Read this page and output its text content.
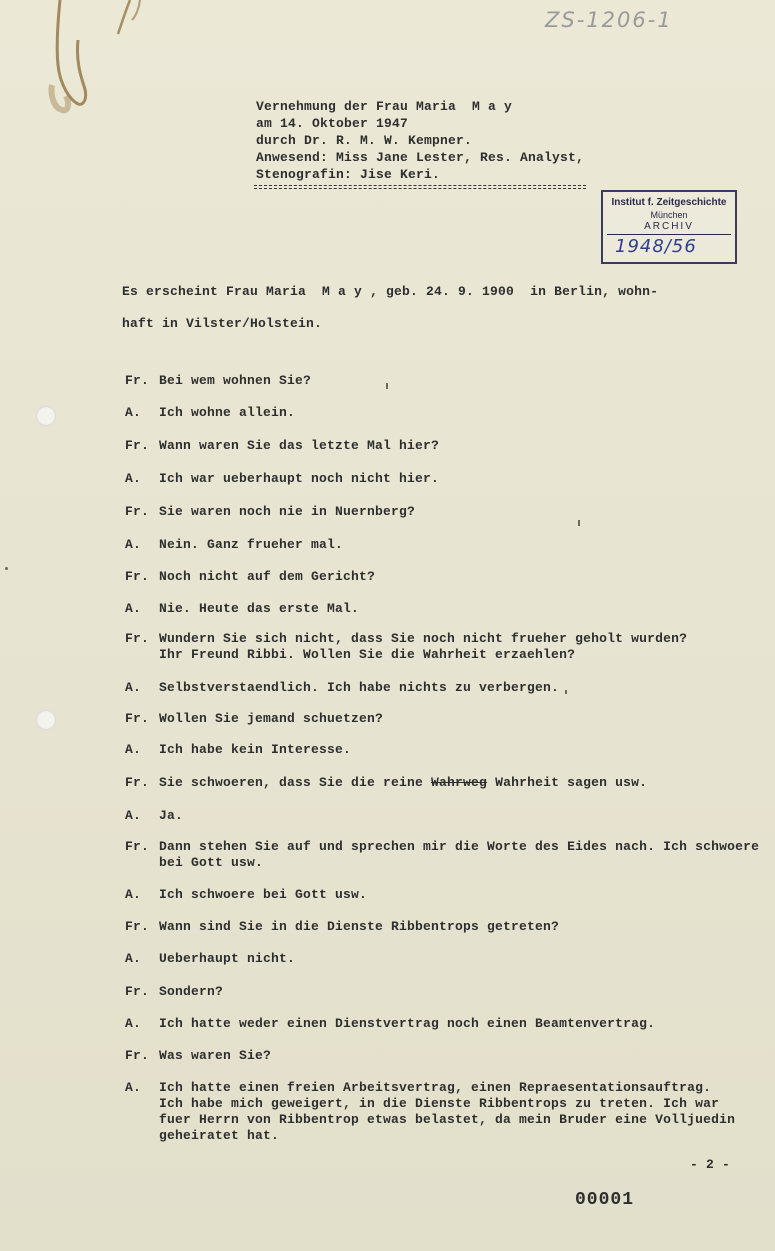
ZS-1206-1
Vernehmung der Frau Maria  M a y
am 14. Oktober 1947
durch Dr. R. M. W. Kempner.
Anwesend: Miss Jane Lester, Res. Analyst,
Stenografin: Jise Keri.
Institut f. Zeitgeschichte
München
ARCHIV
1948/56
Es erscheint Frau Maria  M a y , geb. 24. 9. 1900  in Berlin, wohn-
haft in Vilster/Holstein.
Fr. Bei wem wohnen Sie?
A. Ich wohne allein.
Fr. Wann waren Sie das letzte Mal hier?
A. Ich war ueberhaupt noch nicht hier.
Fr. Sie waren noch nie in Nuernberg?
A. Nein. Ganz frueher mal.
Fr. Noch nicht auf dem Gericht?
A. Nie. Heute das erste Mal.
Fr. Wundern Sie sich nicht, dass Sie noch nicht frueher geholt wurden?
Ihr Freund Ribbi. Wollen Sie die Wahrheit erzaehlen?
A. Selbstverstaendlich. Ich habe nichts zu verbergen.
Fr. Wollen Sie jemand schuetzen?
A. Ich habe kein Interesse.
Fr. Sie schwoeren, dass Sie die reine Wahrweg Wahrheit sagen usw.
A. Ja.
Fr. Dann stehen Sie auf und sprechen mir die Worte des Eides nach. Ich schwoere
bei Gott usw.
A. Ich schwoere bei Gott usw.
Fr. Wann sind Sie in die Dienste Ribbentrops getreten?
A. Ueberhaupt nicht.
Fr. Sondern?
A. Ich hatte weder einen Dienstvertrag noch einen Beamtenvertrag.
Fr. Was waren Sie?
A. Ich hatte einen freien Arbeitsvertrag, einen Repraesentationsauftrag.
Ich habe mich geweigert, in die Dienste Ribbentrops zu treten. Ich war
fuer Herrn von Ribbentrop etwas belastet, da mein Bruder eine Volljuedin
geheiratet hat.
- 2 -
00001
